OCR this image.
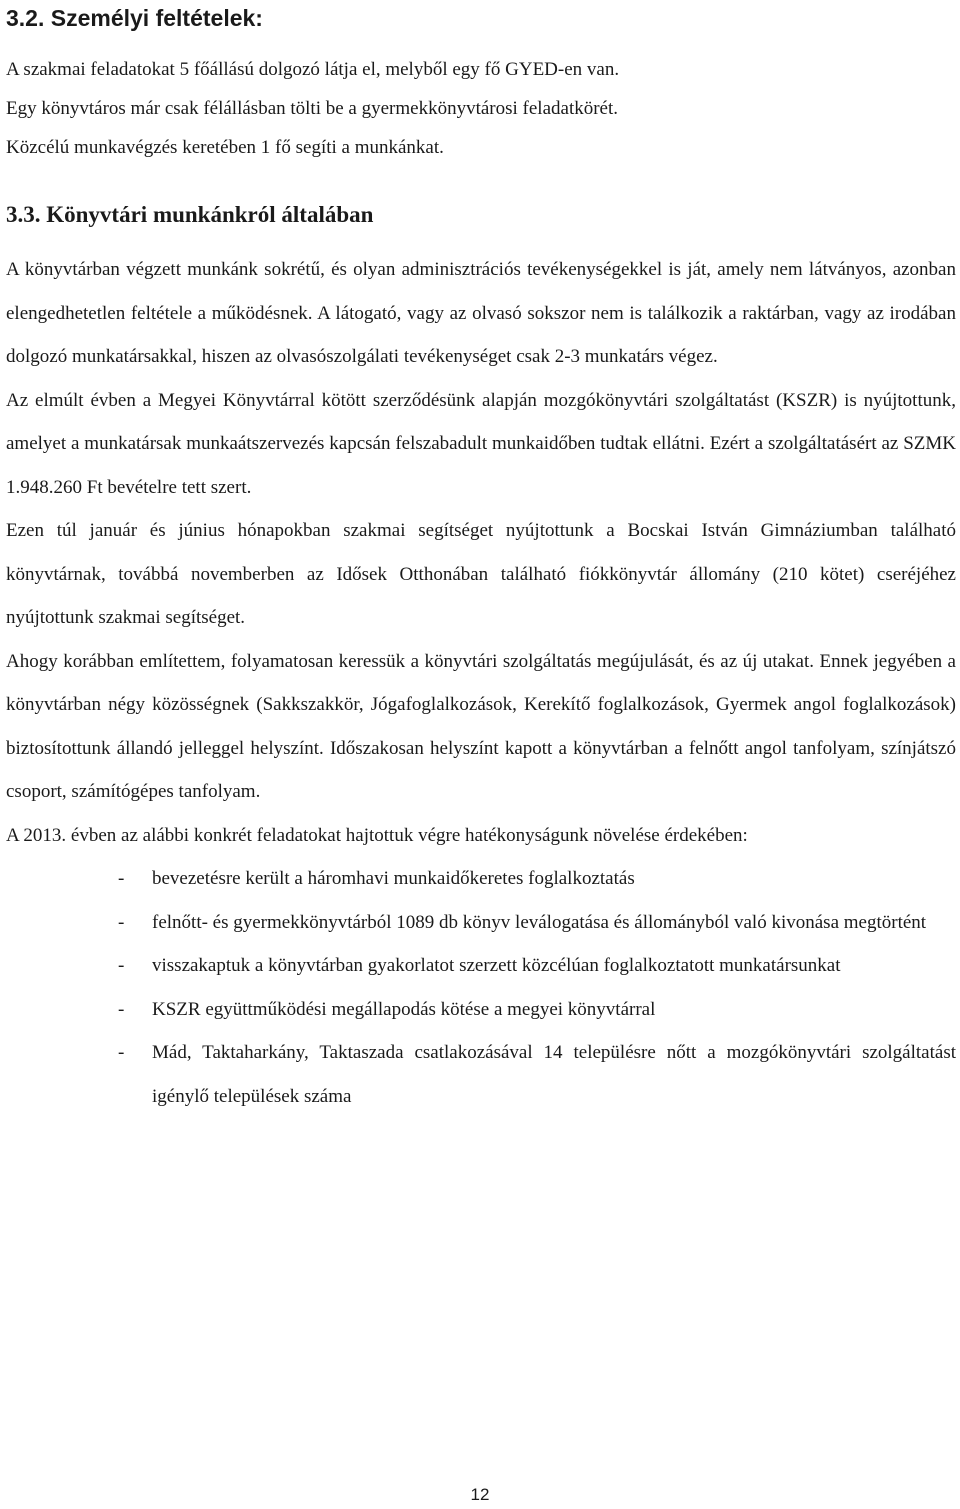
3.2. Személyi feltételek:

A szakmai feladatokat 5 főállású dolgozó látja el, melyből egy fő GYED-en van.

Egy könyvtáros már csak félállásban tölti be a gyermekkönyvtárosi feladatkörét.

Közcélú munkavégzés keretében 1 fő segíti a munkánkat.

3.3. Könyvtári munkánkról általában

A könyvtárban végzett munkánk sokrétű, és olyan adminisztrációs tevékenységekkel is ját, amely nem látványos, azonban elengedhetetlen feltétele a működésnek. A látogató, vagy az olvasó sokszor nem is találkozik a raktárban, vagy az irodában dolgozó munkatársakkal, hiszen az olvasószolgálati tevékenységet csak 2-3 munkatárs végez.

Az elmúlt évben a Megyei Könyvtárral kötött szerződésünk alapján mozgókönyvtári szolgáltatást (KSZR) is nyújtottunk, amelyet a munkatársak munkaátszervezés kapcsán felszabadult munkaidőben tudtak ellátni. Ezért a szolgáltatásért az SZMK 1.948.260 Ft bevételre tett szert.

Ezen túl január és június hónapokban szakmai segítséget nyújtottunk a Bocskai István Gimnáziumban található könyvtárnak, továbbá novemberben az Idősek Otthonában található fiókkönyvtár állomány (210 kötet) cseréjéhez nyújtottunk szakmai segítséget.

Ahogy korábban említettem, folyamatosan keressük a könyvtári szolgáltatás megújulását, és az új utakat. Ennek jegyében a könyvtárban négy közösségnek (Sakkszakkör, Jógafoglalkozások, Kerekítő foglalkozások, Gyermek angol foglalkozások) biztosítottunk állandó jelleggel helyszínt. Időszakosan helyszínt kapott a könyvtárban a felnőtt angol tanfolyam, színjátszó csoport, számítógépes tanfolyam.

A 2013. évben az alábbi konkrét feladatokat hajtottuk végre hatékonyságunk növelése érdekében:

- bevezetésre került a háromhavi munkaidőkeretes foglalkoztatás
- felnőtt- és gyermekkönyvtárból 1089 db könyv leválogatása és állományból való kivonása megtörtént
- visszakaptuk a könyvtárban gyakorlatot szerzett közcélúan foglalkoztatott munkatársunkat
- KSZR együttműködési megállapodás kötése a megyei könyvtárral
- Mád, Taktaharkány, Taktaszada csatlakozásával 14 településre nőtt a mozgókönyvtári szolgáltatást igénylő települések száma
12
